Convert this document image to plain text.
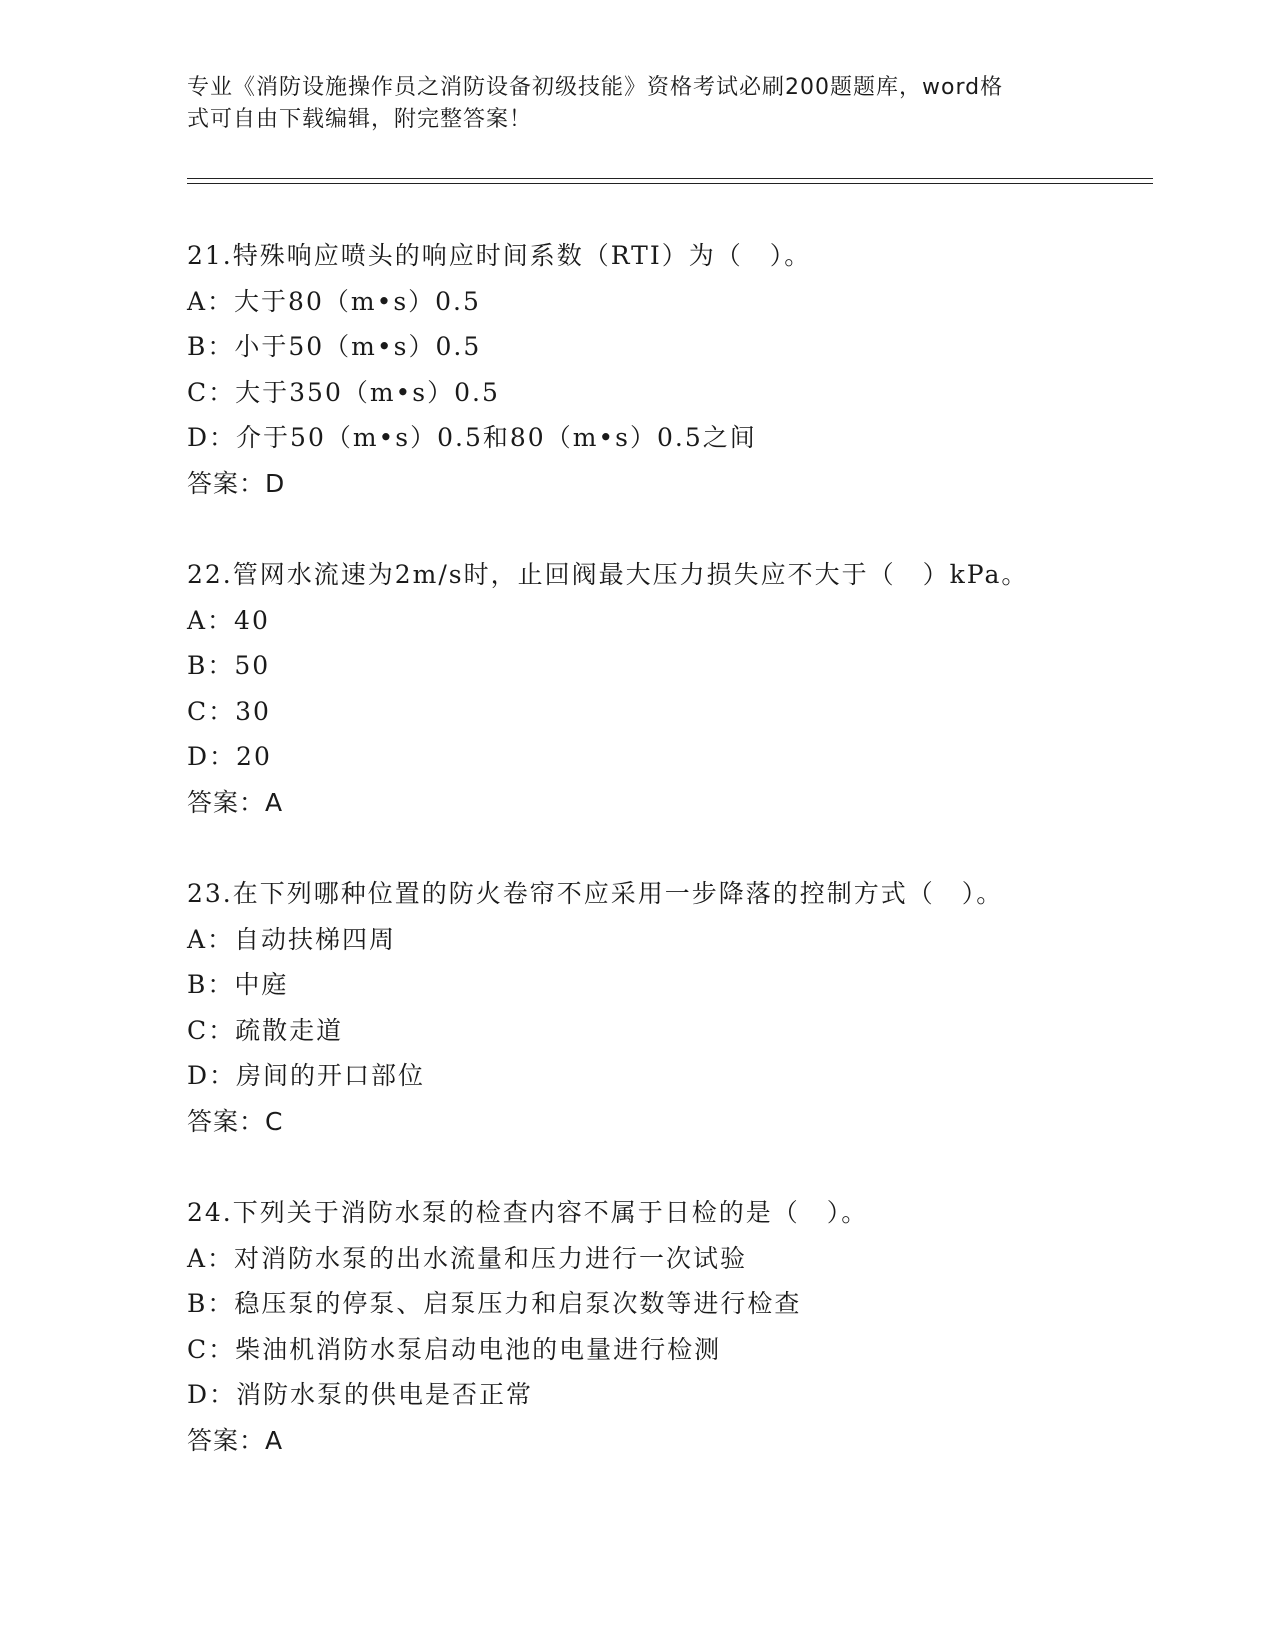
专业《消防设施操作员之消防设备初级技能》资格考试必刷200题题库，word格
式可自由下载编辑，附完整答案！
21.特殊响应喷头的响应时间系数（RTI）为（　）。
A：大于80（m•s）0.5
B：小于50（m•s）0.5
C：大于350（m•s）0.5
D：介于50（m•s）0.5和80（m•s）0.5之间
答案：D
22.管网水流速为2m/s时，止回阀最大压力损失应不大于（　）kPa。
A：40
B：50
C：30
D：20
答案：A
23.在下列哪种位置的防火卷帘不应采用一步降落的控制方式（　）。
A：自动扶梯四周
B：中庭
C：疏散走道
D：房间的开口部位
答案：C
24.下列关于消防水泵的检查内容不属于日检的是（　）。
A：对消防水泵的出水流量和压力进行一次试验
B：稳压泵的停泵、启泵压力和启泵次数等进行检查
C：柴油机消防水泵启动电池的电量进行检测
D：消防水泵的供电是否正常
答案：A
